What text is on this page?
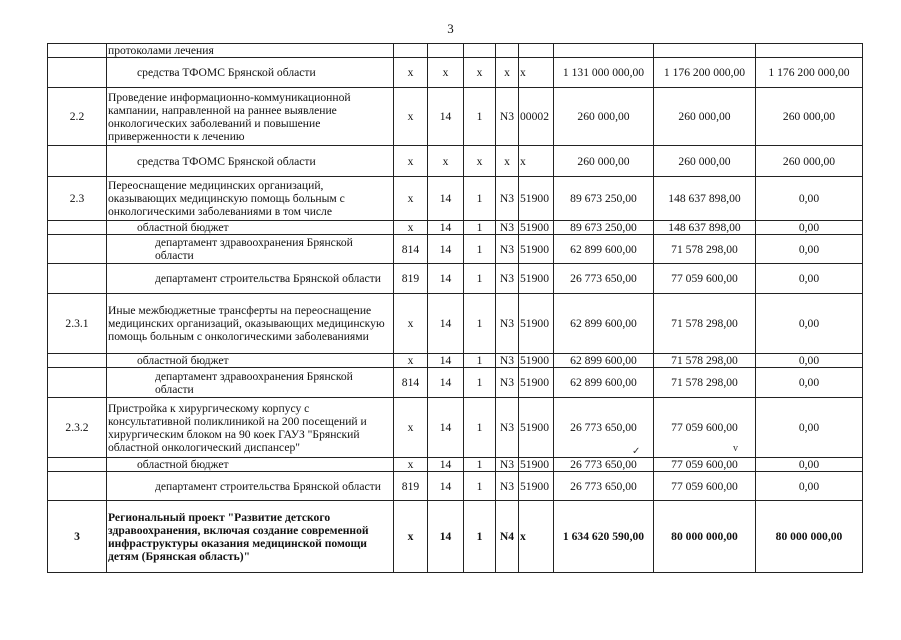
3
	протоколами лечения								
	средства ТФОМС Брянской области	x	x	x	x	x	1 131 000 000,00	1 176 200 000,00	1 176 200 000,00
2.2	Проведение информационно-коммуникационной кампании, направленной на раннее выявление онкологических заболеваний и повышение приверженности к лечению	x	14	1	N3	00002	260 000,00	260 000,00	260 000,00
	средства ТФОМС Брянской области	x	x	x	x	x	260 000,00	260 000,00	260 000,00
2.3	Переоснащение медицинских организаций, оказывающих медицинскую помощь больным с онкологическими заболеваниями в том числе	x	14	1	N3	51900	89 673 250,00	148 637 898,00	0,00
	областной бюджет	x	14	1	N3	51900	89 673 250,00	148 637 898,00	0,00
	департамент здравоохранения Брянской области	814	14	1	N3	51900	62 899 600,00	71 578 298,00	0,00
	департамент строительства Брянской области	819	14	1	N3	51900	26 773 650,00	77 059 600,00	0,00
2.3.1	Иные межбюджетные трансферты на переоснащение медицинских организаций, оказывающих медицинскую помощь больным с онкологическими заболеваниями	x	14	1	N3	51900	62 899 600,00	71 578 298,00	0,00
	областной бюджет	x	14	1	N3	51900	62 899 600,00	71 578 298,00	0,00
	департамент здравоохранения Брянской области	814	14	1	N3	51900	62 899 600,00	71 578 298,00	0,00
2.3.2	Пристройка к хирургическому корпусу с консультативной поликлиникой на 200 посещений и хирургическим блоком на 90 коек ГАУЗ "Брянский областной онкологический диспансер"	x	14	1	N3	51900	26 773 650,00	77 059 600,00	0,00
	областной бюджет	x	14	1	N3	51900	26 773 650,00	77 059 600,00	0,00
	департамент строительства Брянской области	819	14	1	N3	51900	26 773 650,00	77 059 600,00	0,00
3	Региональный проект "Развитие детского здравоохранения, включая создание современной инфраструктуры оказания медицинской помощи детям (Брянская область)"	x	14	1	N4	x	1 634 620 590,00	80 000 000,00	80 000 000,00
✓	v
